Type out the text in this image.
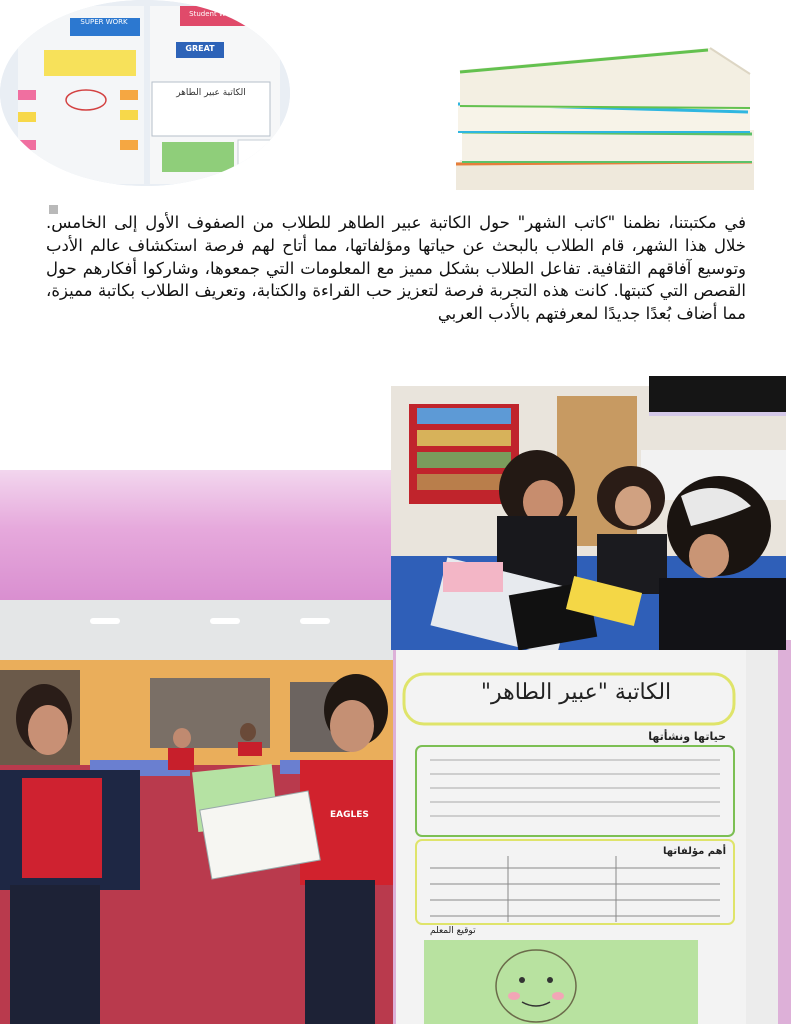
في مكتبتنا، نظمنا "كاتب الشهر" حول الكاتبة عبير الطاهر للطلاب من الصفوف الأول إلى الخامس. خلال هذا الشهر، قام الطلاب بالبحث عن حياتها ومؤلفاتها، مما أتاح لهم فرصة استكشاف عالم الأدب وتوسيع آفاقهم الثقافية. تفاعل الطلاب بشكل مميز مع المعلومات التي جمعوها، وشاركوا أفكارهم حول القصص التي كتبتها. كانت هذه التجربة فرصة لتعزيز حب القراءة والكتابة، وتعريف الطلاب بكاتبة مميزة، مما أضاف بُعدًا جديدًا لمعرفتهم بالأدب العربي

SUPER WORK
Student WORK
GREAT
الكاتبة عبير الطاهر
EAGLES
الكاتبة "عبير الطاهر"
حياتها ونشأتها
أهم مؤلفاتها
توقيع المعلم
